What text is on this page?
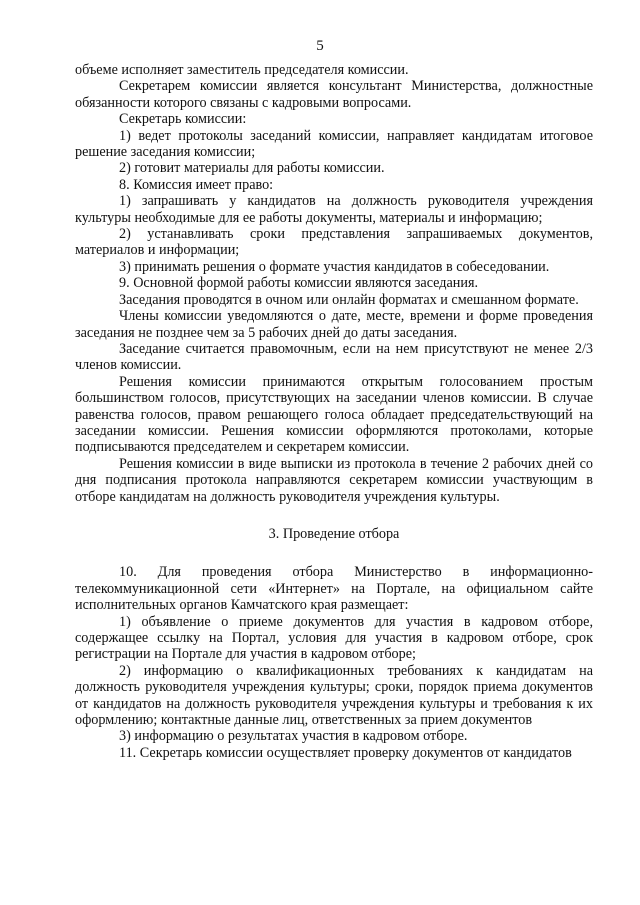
5

объеме исполняет заместитель председателя комиссии.

Секретарем комиссии является консультант Министерства, должностные обязанности которого связаны с кадровыми вопросами.

Секретарь комиссии:

1) ведет протоколы заседаний комиссии, направляет кандидатам итоговое решение заседания комиссии;

2) готовит материалы для работы комиссии.

8. Комиссия имеет право:

1) запрашивать у кандидатов на должность руководителя учреждения культуры необходимые для ее работы документы, материалы и информацию;

2) устанавливать сроки представления запрашиваемых документов, материалов и информации;

3) принимать решения о формате участия кандидатов в собеседовании.

9. Основной формой работы комиссии являются заседания.

Заседания проводятся в очном или онлайн форматах и смешанном формате.

Члены комиссии уведомляются о дате, месте, времени и форме проведения заседания не позднее чем за 5 рабочих дней до даты заседания.

Заседание считается правомочным, если на нем присутствуют не менее 2/3 членов комиссии.

Решения комиссии принимаются открытым голосованием простым большинством голосов, присутствующих на заседании членов комиссии. В случае равенства голосов, правом решающего голоса обладает председательствующий на заседании комиссии. Решения комиссии оформляются протоколами, которые подписываются председателем и секретарем комиссии.

Решения комиссии в виде выписки из протокола в течение 2 рабочих дней со дня подписания протокола направляются секретарем комиссии участвующим в отборе кандидатам на должность руководителя учреждения культуры.

3. Проведение отбора

10. Для проведения отбора Министерство в информационно-телекоммуникационной сети «Интернет» на Портале, на официальном сайте исполнительных органов Камчатского края размещает:

1) объявление о приеме документов для участия в кадровом отборе, содержащее ссылку на Портал, условия для участия в кадровом отборе, срок регистрации на Портале для участия в кадровом отборе;

2) информацию о квалификационных требованиях к кандидатам на должность руководителя учреждения культуры; сроки, порядок приема документов от кандидатов на должность руководителя учреждения культуры и требования к их оформлению; контактные данные лиц, ответственных за прием документов

3) информацию о результатах участия в кадровом отборе.

11. Секретарь комиссии осуществляет проверку документов от кандидатов
